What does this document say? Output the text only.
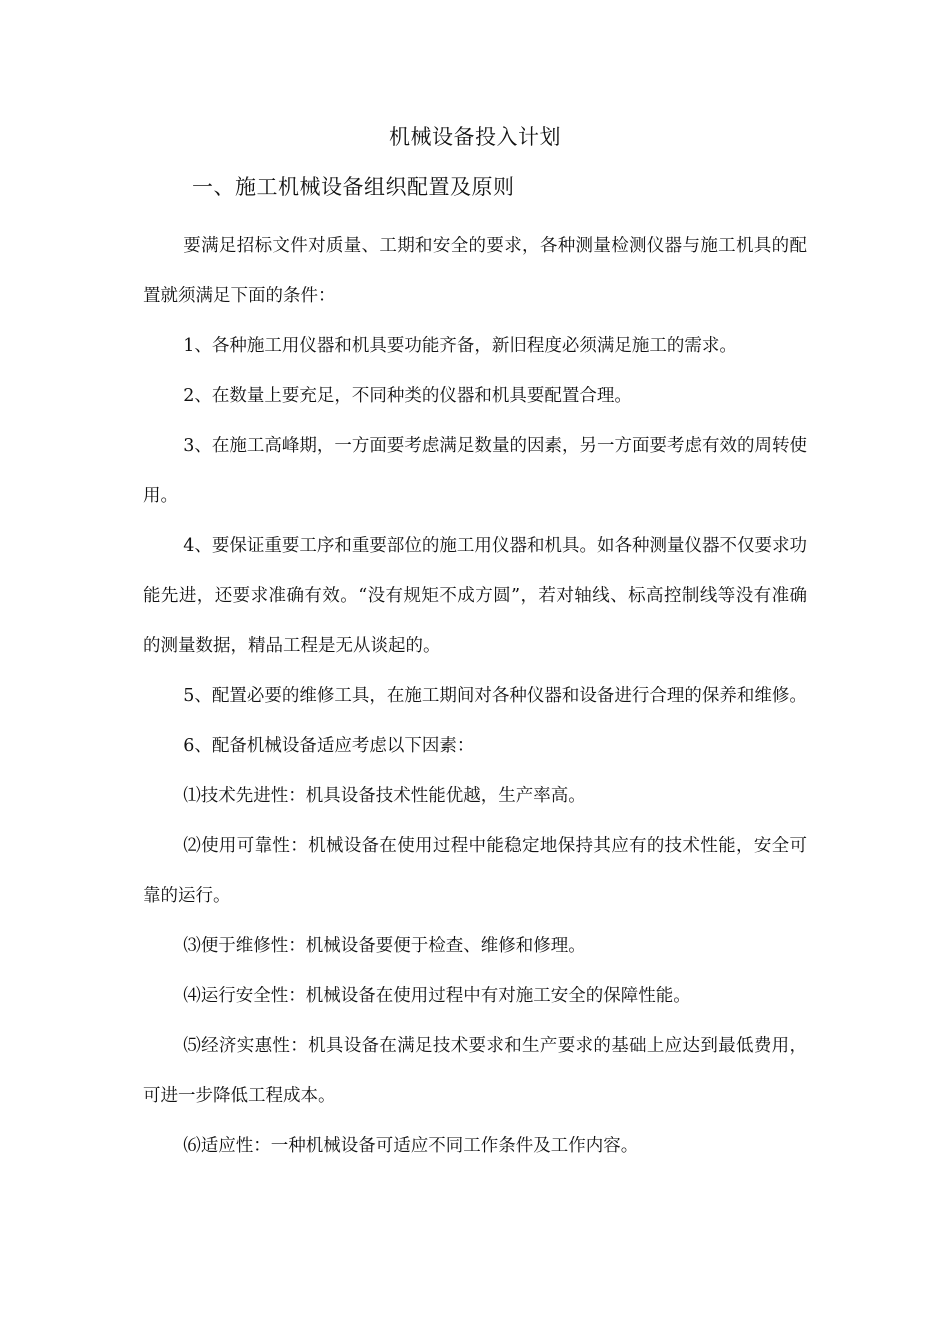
机械设备投入计划
一、施工机械设备组织配置及原则

要满足招标文件对质量、工期和安全的要求，各种测量检测仪器与施工机具的配置就须满足下面的条件：

1、各种施工用仪器和机具要功能齐备，新旧程度必须满足施工的需求。

2、在数量上要充足，不同种类的仪器和机具要配置合理。

3、在施工高峰期，一方面要考虑满足数量的因素，另一方面要考虑有效的周转使用。

4、要保证重要工序和重要部位的施工用仪器和机具。如各种测量仪器不仅要求功能先进，还要求准确有效。“没有规矩不成方圆”，若对轴线、标高控制线等没有准确的测量数据，精品工程是无从谈起的。

5、配置必要的维修工具，在施工期间对各种仪器和设备进行合理的保养和维修。

6、配备机械设备适应考虑以下因素：

⑴技术先进性：机具设备技术性能优越，生产率高。

⑵使用可靠性：机械设备在使用过程中能稳定地保持其应有的技术性能，安全可靠的运行。

⑶便于维修性：机械设备要便于检查、维修和修理。

⑷运行安全性：机械设备在使用过程中有对施工安全的保障性能。

⑸经济实惠性：机具设备在满足技术要求和生产要求的基础上应达到最低费用，可进一步降低工程成本。

⑹适应性：一种机械设备可适应不同工作条件及工作内容。
